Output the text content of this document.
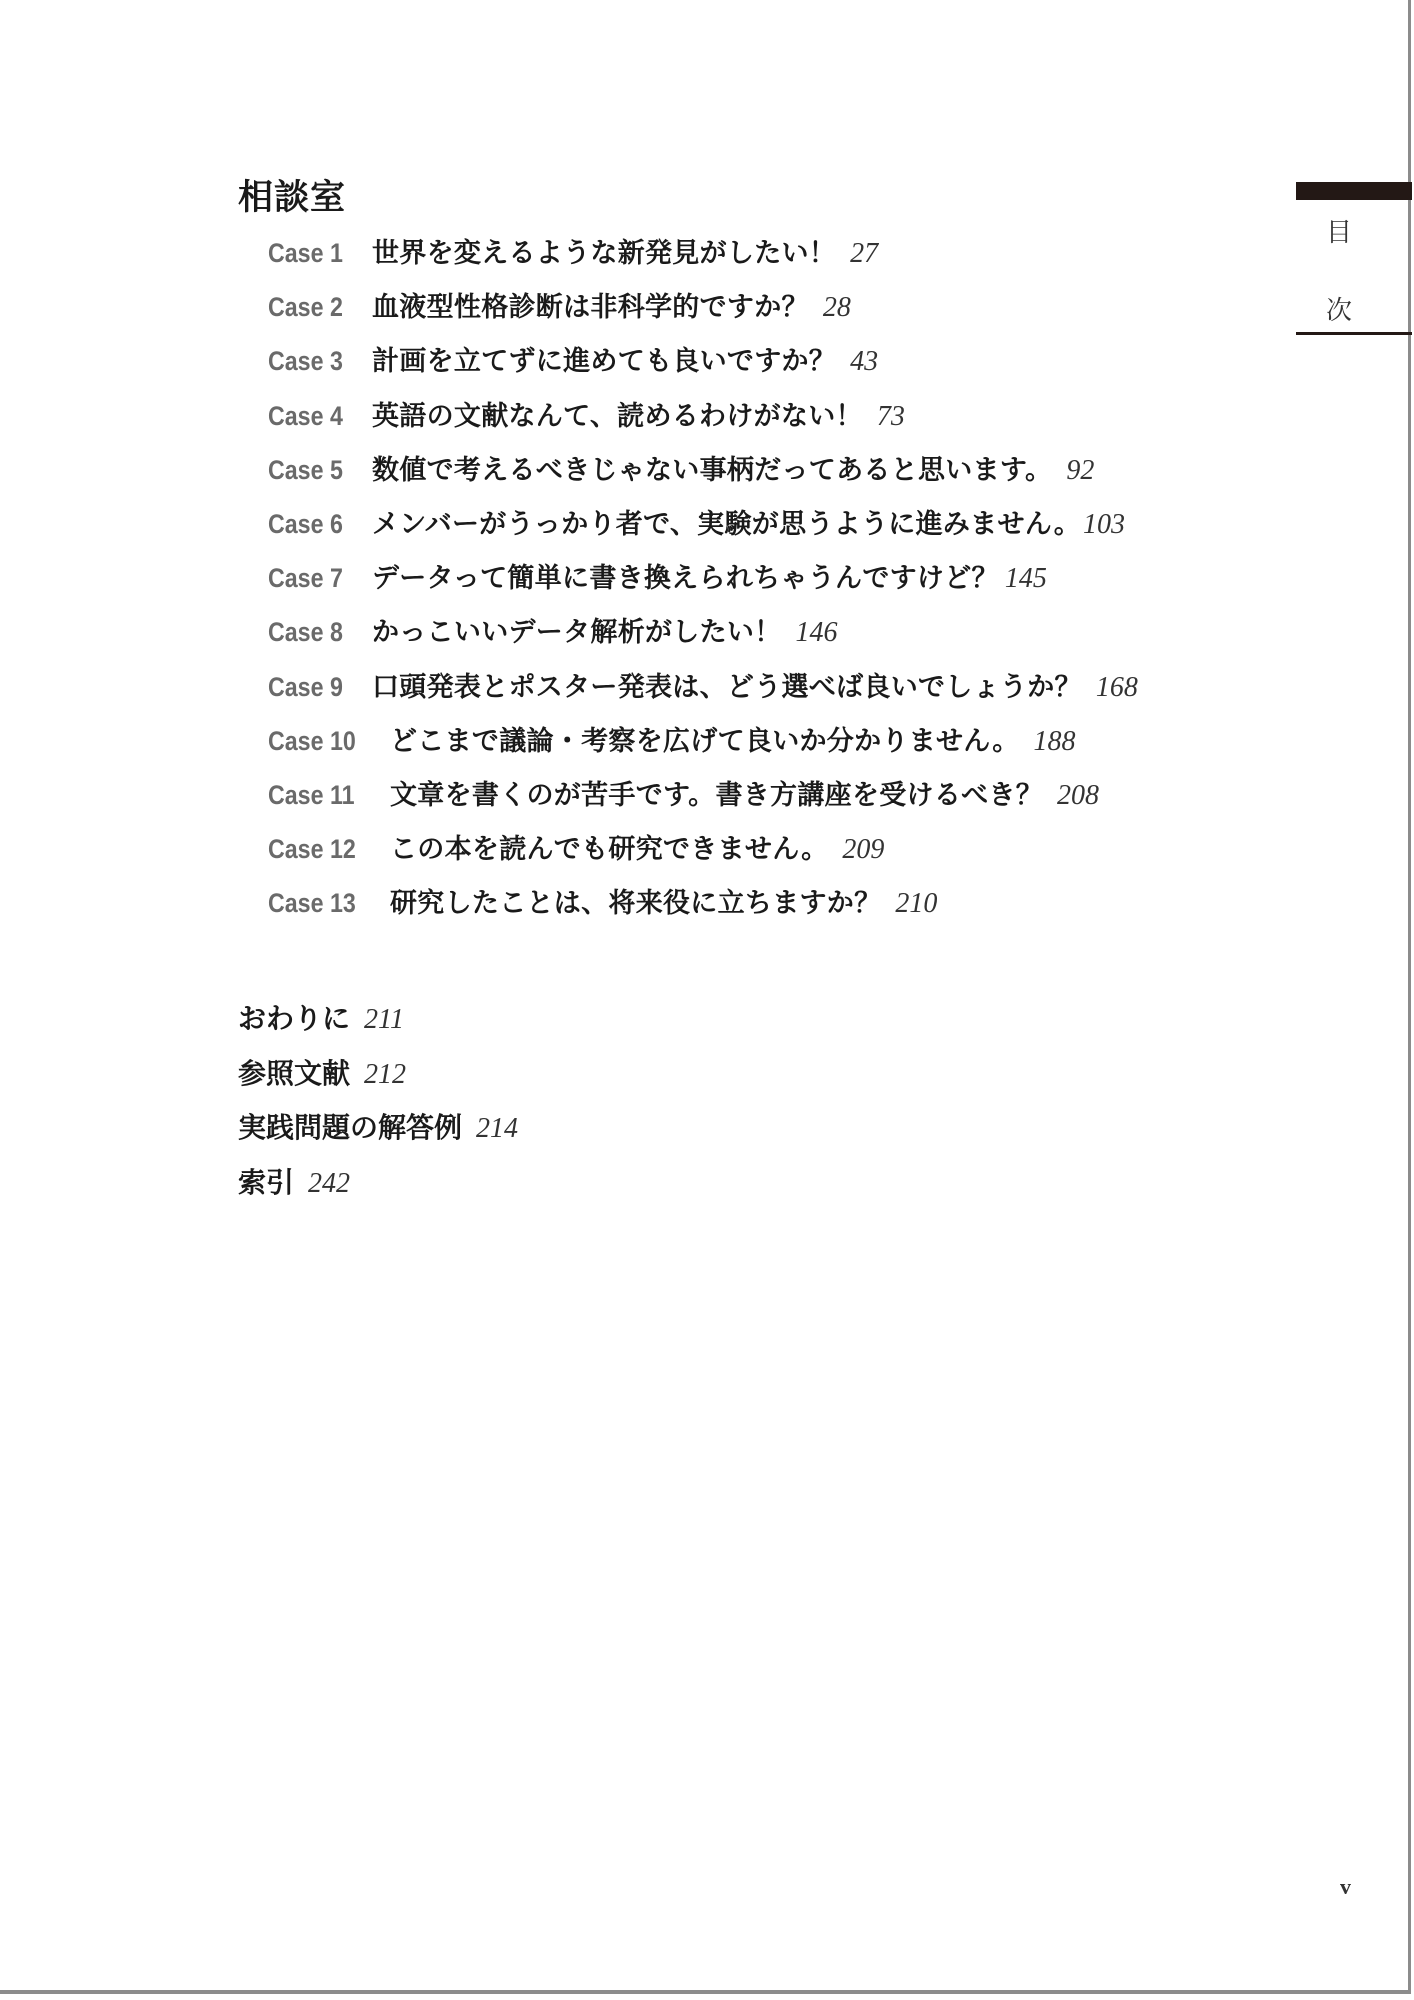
目
次
相談室
Case 1 世界を変えるような新発見がしたい！ 27
Case 2 血液型性格診断は非科学的ですか？ 28
Case 3 計画を立てずに進めても良いですか？ 43
Case 4 英語の文献なんて、読めるわけがない！ 73
Case 5 数値で考えるべきじゃない事柄だってあると思います。 92
Case 6 メンバーがうっかり者で、実験が思うように進みません。103
Case 7 データって簡単に書き換えられちゃうんですけど？ 145
Case 8 かっこいいデータ解析がしたい！ 146
Case 9 口頭発表とポスター発表は、どう選べば良いでしょうか？ 168
Case 10 どこまで議論・考察を広げて良いか分かりません。 188
Case 11 文章を書くのが苦手です。書き方講座を受けるべき？ 208
Case 12 この本を読んでも研究できません。 209
Case 13 研究したことは、将来役に立ちますか？ 210
おわりに 211
参照文献 212
実践問題の解答例 214
索引 242
v
